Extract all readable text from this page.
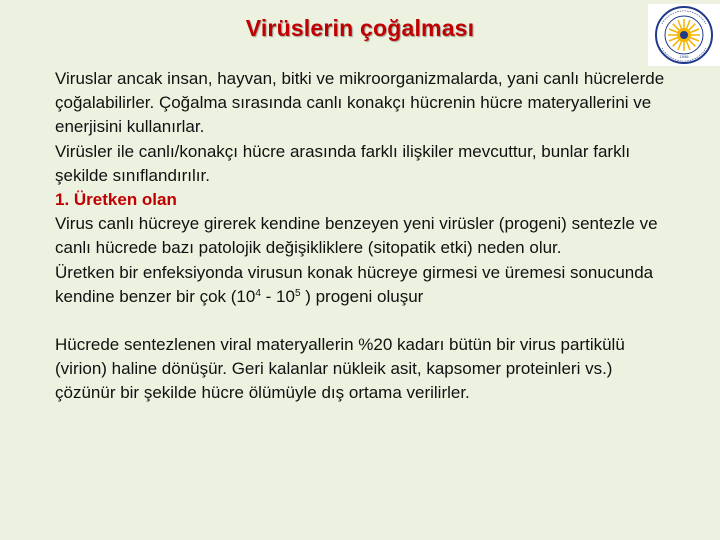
Virüslerin çoğalması
1946

Viruslar ancak insan, hayvan, bitki ve mikroorganizmalarda, yani canlı hücrelerde çoğalabilirler. Çoğalma sırasında canlı konakçı hücrenin hücre materyallerini ve enerjisini kullanırlar.

Virüsler ile canlı/konakçı hücre arasında farklı ilişkiler mevcuttur, bunlar farklı şekilde sınıflandırılır.

1. Üretken olan

Virus canlı hücreye girerek kendine benzeyen yeni virüsler (progeni) sentezle ve canlı hücrede bazı patolojik değişikliklere (sitopatik etki) neden olur.

Üretken bir enfeksiyonda virusun konak hücreye girmesi ve üremesi sonucunda kendine benzer bir çok ($10^4 - 10^5$ ) progeni oluşur

Hücrede sentezlenen viral materyallerin %20 kadarı bütün bir virus partikülü (virion) haline dönüşür. Geri kalanlar nükleik asit, kapsomer proteinleri vs.) çözünür bir şekilde hücre ölümüyle dış ortama verilirler.
